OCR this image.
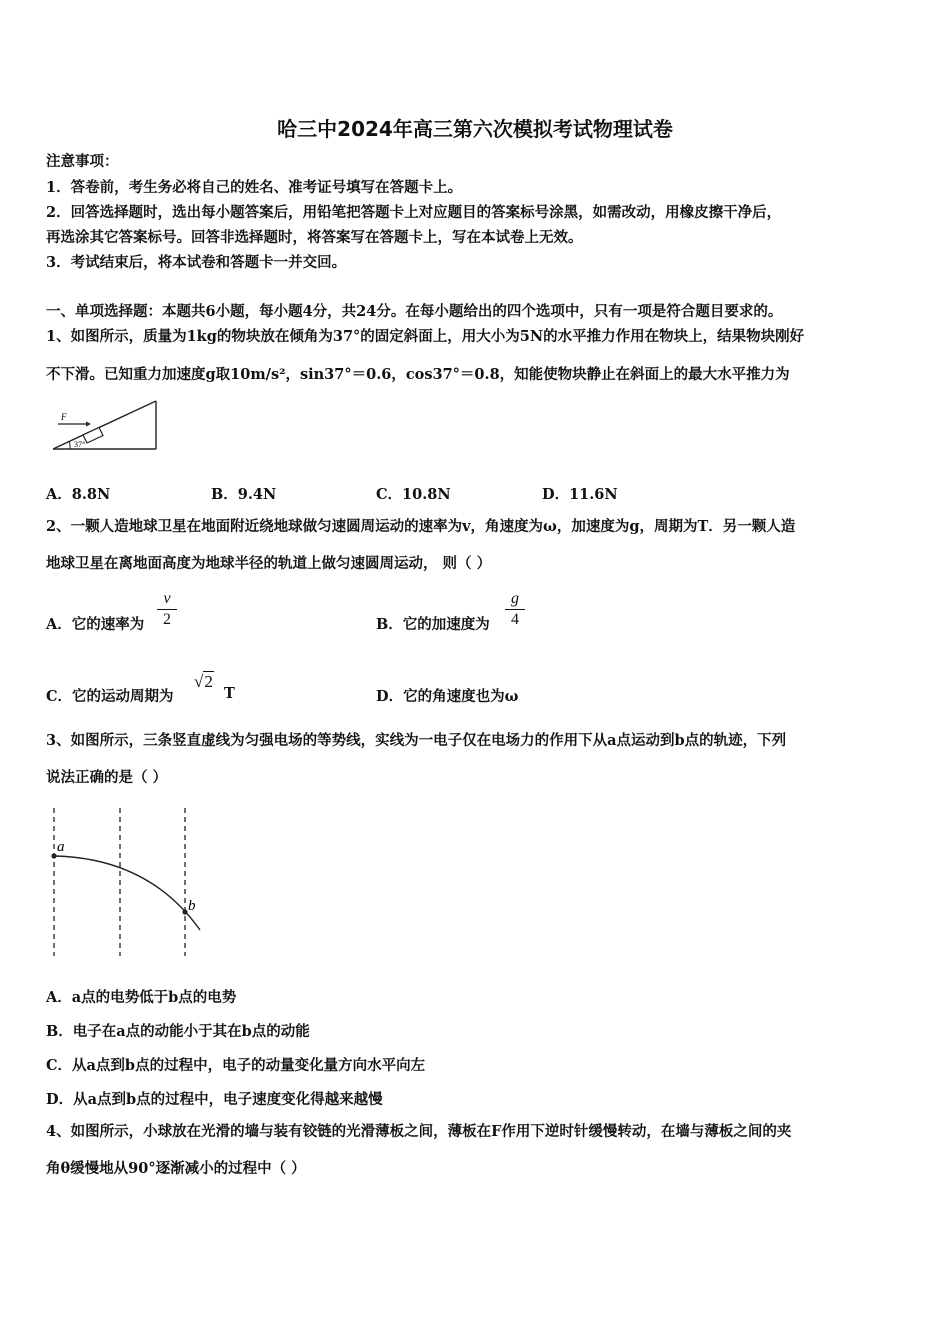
哈三中2024年高三第六次模拟考试物理试卷
注意事项：
1．答卷前，考生务必将自己的姓名、准考证号填写在答题卡上。
2．回答选择题时，选出每小题答案后，用铅笔把答题卡上对应题目的答案标号涂黑，如需改动，用橡皮擦干净后，
再选涂其它答案标号。回答非选择题时，将答案写在答题卡上，写在本试卷上无效。
3．考试结束后，将本试卷和答题卡一并交回。
一、单项选择题：本题共6小题，每小题4分，共24分。在每小题给出的四个选项中，只有一项是符合题目要求的。
1、如图所示，质量为1kg的物块放在倾角为37°的固定斜面上，用大小为5N的水平推力作用在物块上，结果物块刚好
不下滑。已知重力加速度g取10m/s²，sin37°＝0.6，cos37°＝0.8，知能使物块静止在斜面上的最大水平推力为
F
37°
A．8.8N	B．9.4N	C．10.8N	D．11.6N
2、一颗人造地球卫星在地面附近绕地球做匀速圆周运动的速率为v，角速度为ω，加速度为g，周期为T．另一颗人造
地球卫星在离地面高度为地球半径的轨道上做匀速圆周运动， 则（ ）
A．它的速率为
v
2	B．它的加速度为
g
4
C．它的运动周期为
√2
T	D．它的角速度也为ω
3、如图所示，三条竖直虚线为匀强电场的等势线，实线为一电子仅在电场力的作用下从a点运动到b点的轨迹，下列
说法正确的是（ ）
a
b
A．a点的电势低于b点的电势
B．电子在a点的动能小于其在b点的动能
C．从a点到b点的过程中，电子的动量变化量方向水平向左
D．从a点到b点的过程中，电子速度变化得越来越慢
4、如图所示，小球放在光滑的墙与装有铰链的光滑薄板之间，薄板在F作用下逆时针缓慢转动，在墙与薄板之间的夹
角θ缓慢地从90°逐渐减小的过程中（ ）
